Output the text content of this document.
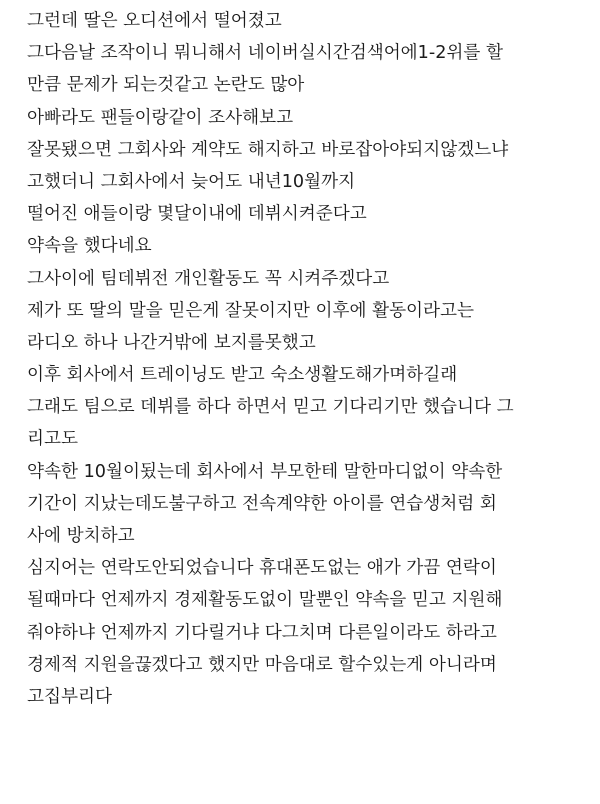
그런데 딸은 오디션에서 떨어졌고
그다음날 조작이니 뭐니해서 네이버실시간검색어에1-2위를 할
만큼 문제가 되는것같고 논란도 많아
아빠라도 팬들이랑같이 조사해보고
잘못됐으면 그회사와 계약도 해지하고 바로잡아야되지않겠느냐
고했더니 그회사에서 늦어도 내년10월까지
떨어진 애들이랑 몇달이내에 데뷔시켜준다고
약속을 했다네요
그사이에 팀데뷔전 개인활동도 꼭 시켜주겠다고
제가 또 딸의 말을 믿은게 잘못이지만 이후에 활동이라고는
라디오 하나 나간거밖에 보지를못했고
이후 회사에서 트레이닝도 받고 숙소생활도해가며하길래
그래도 팀으로 데뷔를 하다 하면서 믿고 기다리기만 했습니다 그
리고도
약속한 10월이됬는데 회사에서 부모한테 말한마디없이 약속한
기간이 지났는데도불구하고 전속계약한 아이를 연습생처럼 회
사에 방치하고
심지어는 연락도안되었습니다 휴대폰도없는 애가 가끔 연락이
될때마다 언제까지 경제활동도없이 말뿐인 약속을 믿고 지원해
줘야하냐 언제까지 기다릴거냐 다그치며 다른일이라도 하라고
경제적 지원을끊겠다고 했지만 마음대로 할수있는게 아니라며
고집부리다
